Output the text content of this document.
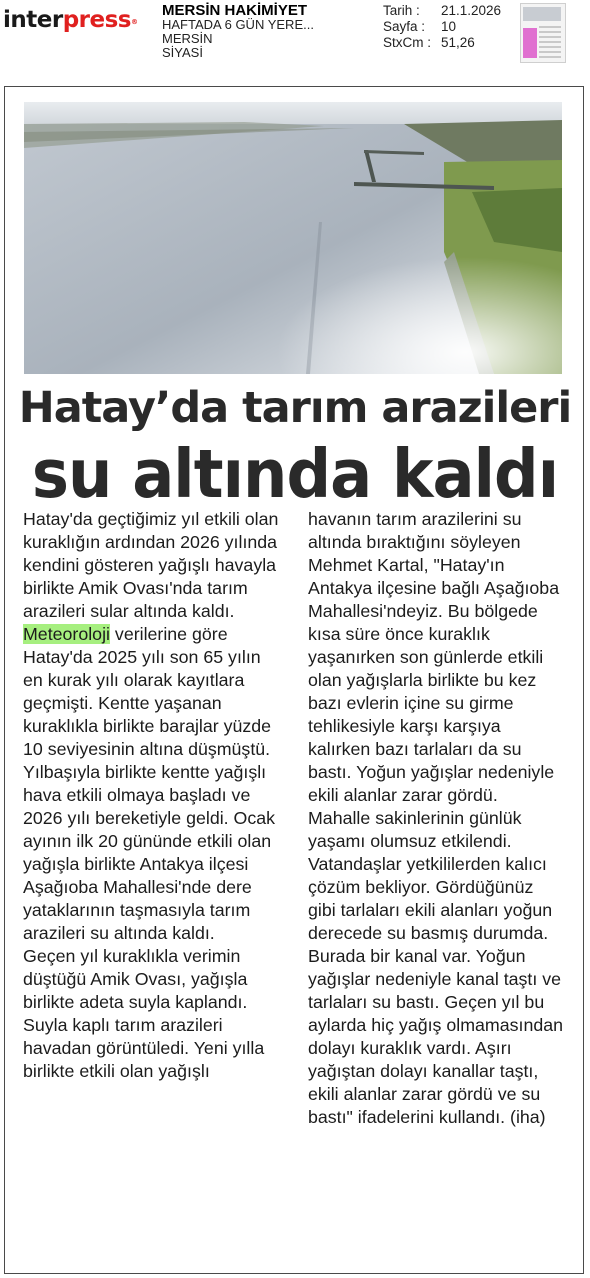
interpress®
MERSİN HAKİMİYET
HAFTADA 6 GÜN YERE...
MERSİN
SİYASİ
Tarih :	21.1.2026
Sayfa :	10
StxCm : 51,26
Hatay’da tarım arazileri
su altında kaldı

Hatay'da geçtiğimiz yıl etkili olan kuraklığın ardından 2026 yılında kendini gösteren yağışlı havayla birlikte Amik Ovası'nda tarım arazileri sular altında kaldı.

Meteoroloji verilerine göre Hatay'da 2025 yılı son 65 yılın en kurak yılı olarak kayıtlara geçmişti. Kentte yaşanan kuraklıkla birlikte barajlar yüzde 10 seviyesinin altına düşmüştü. Yılbaşıyla birlikte kentte yağışlı hava etkili olmaya başladı ve 2026 yılı bereketiyle geldi. Ocak ayının ilk 20 gününde etkili olan yağışla birlikte Antakya ilçesi Aşağıoba Mahallesi'nde dere yataklarının taşmasıyla tarım arazileri su altında kaldı.

Geçen yıl kuraklıkla verimin düştüğü Amik Ovası, yağışla birlikte adeta suyla kaplandı. Suyla kaplı tarım arazileri havadan görüntüledi. Yeni yılla birlikte etkili olan yağışlı

havanın tarım arazilerini su altında bıraktığını söyleyen Mehmet Kartal, "Hatay'ın Antakya ilçesine bağlı Aşağıoba Mahallesi'ndeyiz. Bu bölgede kısa süre önce kuraklık yaşanırken son günlerde etkili olan yağışlarla birlikte bu kez bazı evlerin içine su girme tehlikesiyle karşı karşıya kalırken bazı tarlaları da su bastı. Yoğun yağışlar nedeniyle ekili alanlar zarar gördü. Mahalle sakinlerinin günlük yaşamı olumsuz etkilendi. Vatandaşlar yetkililerden kalıcı çözüm bekliyor. Gördüğünüz gibi tarlaları ekili alanları yoğun derecede su basmış durumda. Burada bir kanal var. Yoğun yağışlar nedeniyle kanal taştı ve tarlaları su bastı. Geçen yıl bu aylarda hiç yağış olmamasından dolayı kuraklık vardı. Aşırı yağıştan dolayı kanallar taştı, ekili alanlar zarar gördü ve su bastı" ifadelerini kullandı. (iha)
